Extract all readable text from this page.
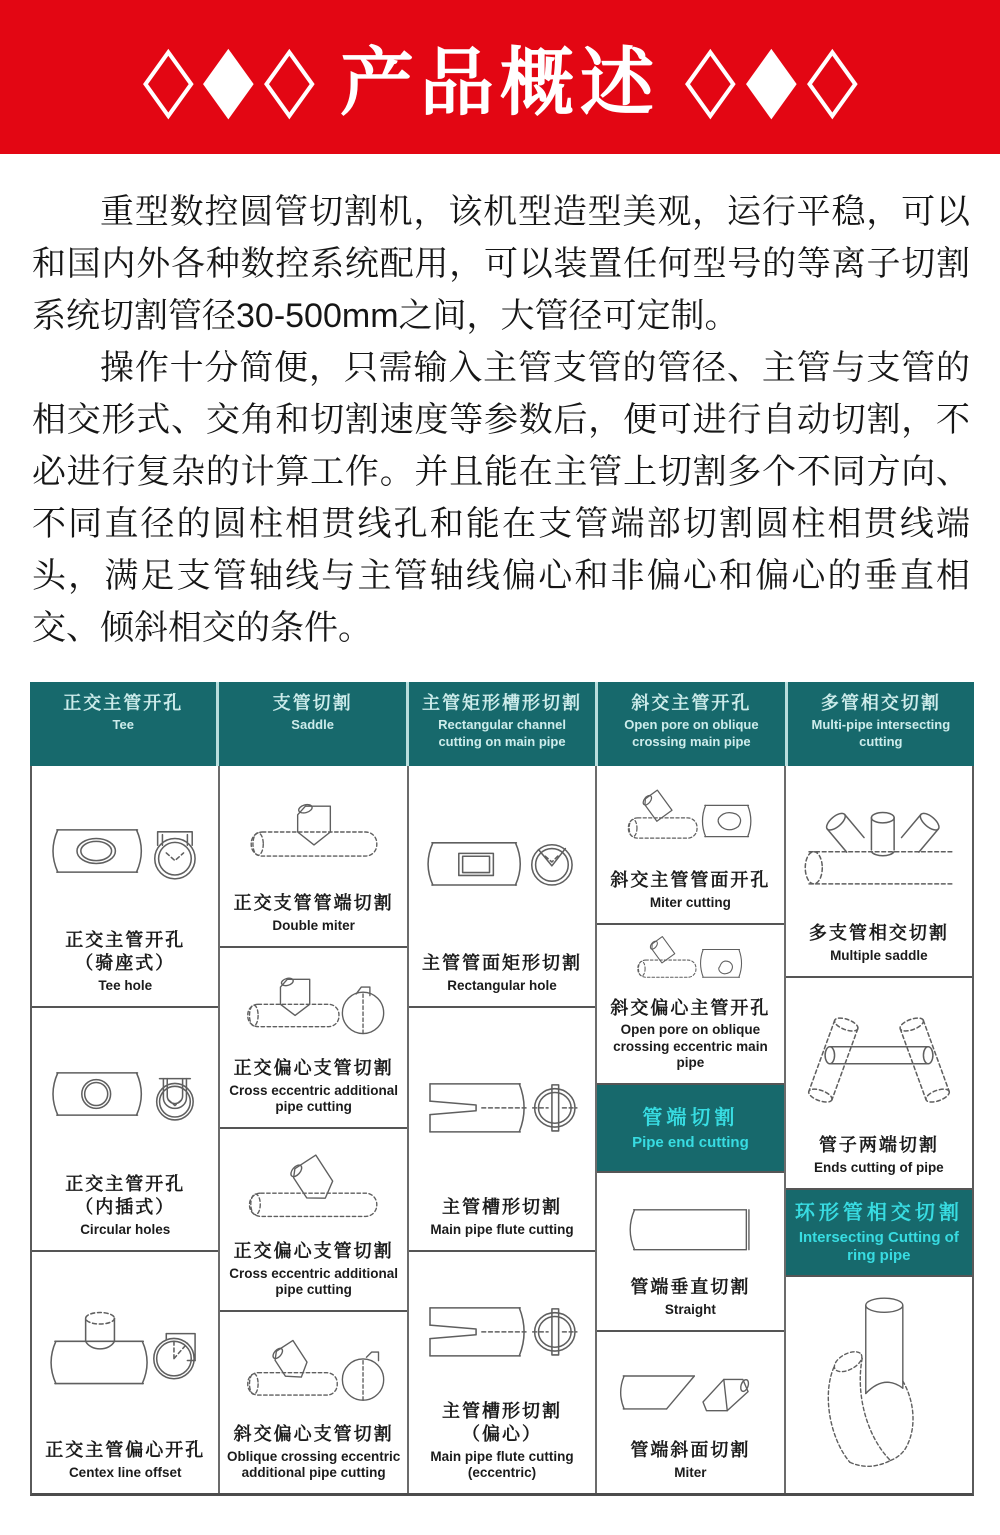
◇ ◆ ◇ 产品概述 ◇ ◆ ◇

重型数控圆管切割机，该机型造型美观，运行平稳，可以和国内外各种数控系统配用，可以装置任何型号的等离子切割系统切割管径30-500mm之间，大管径可定制。

操作十分简便，只需输入主管支管的管径、主管与支管的相交形式、交角和切割速度等参数后，便可进行自动切割，不必进行复杂的计算工作。并且能在主管上切割多个不同方向、不同直径的圆柱相贯线孔和能在支管端部切割圆柱相贯线端头，满足支管轴线与主管轴线偏心和非偏心和偏心的垂直相交、倾斜相交的条件。

正交主管开孔
Tee
支管切割
Saddle
主管矩形槽形切割
Rectangular channel cutting on main pipe
斜交主管开孔
Open pore on oblique crossing main pipe
多管相交切割
Multi-pipe intersecting cutting
正交主管开孔
（骑座式）
Tee hole
正交主管开孔
（内插式）
Circular holes
正交主管偏心开孔
Centex line offset
正交支管管端切割
Double miter
正交偏心支管切割
Cross eccentric additional pipe cutting
正交偏心支管切割
Cross eccentric additional pipe cutting
斜交偏心支管切割
Oblique crossing eccentric additional pipe cutting
主管管面矩形切割
Rectangular hole
主管槽形切割
Main pipe flute cutting
主管槽形切割
（偏心）
Main pipe flute cutting (eccentric)
斜交主管管面开孔
Miter cutting
斜交偏心主管开孔
Open pore on oblique crossing eccentric main pipe
管端切割
Pipe end cutting
管端垂直切割
Straight
管端斜面切割
Miter
多支管相交切割
Multiple saddle
管子两端切割
Ends cutting of pipe
环形管相交切割
Intersecting Cutting of ring pipe
